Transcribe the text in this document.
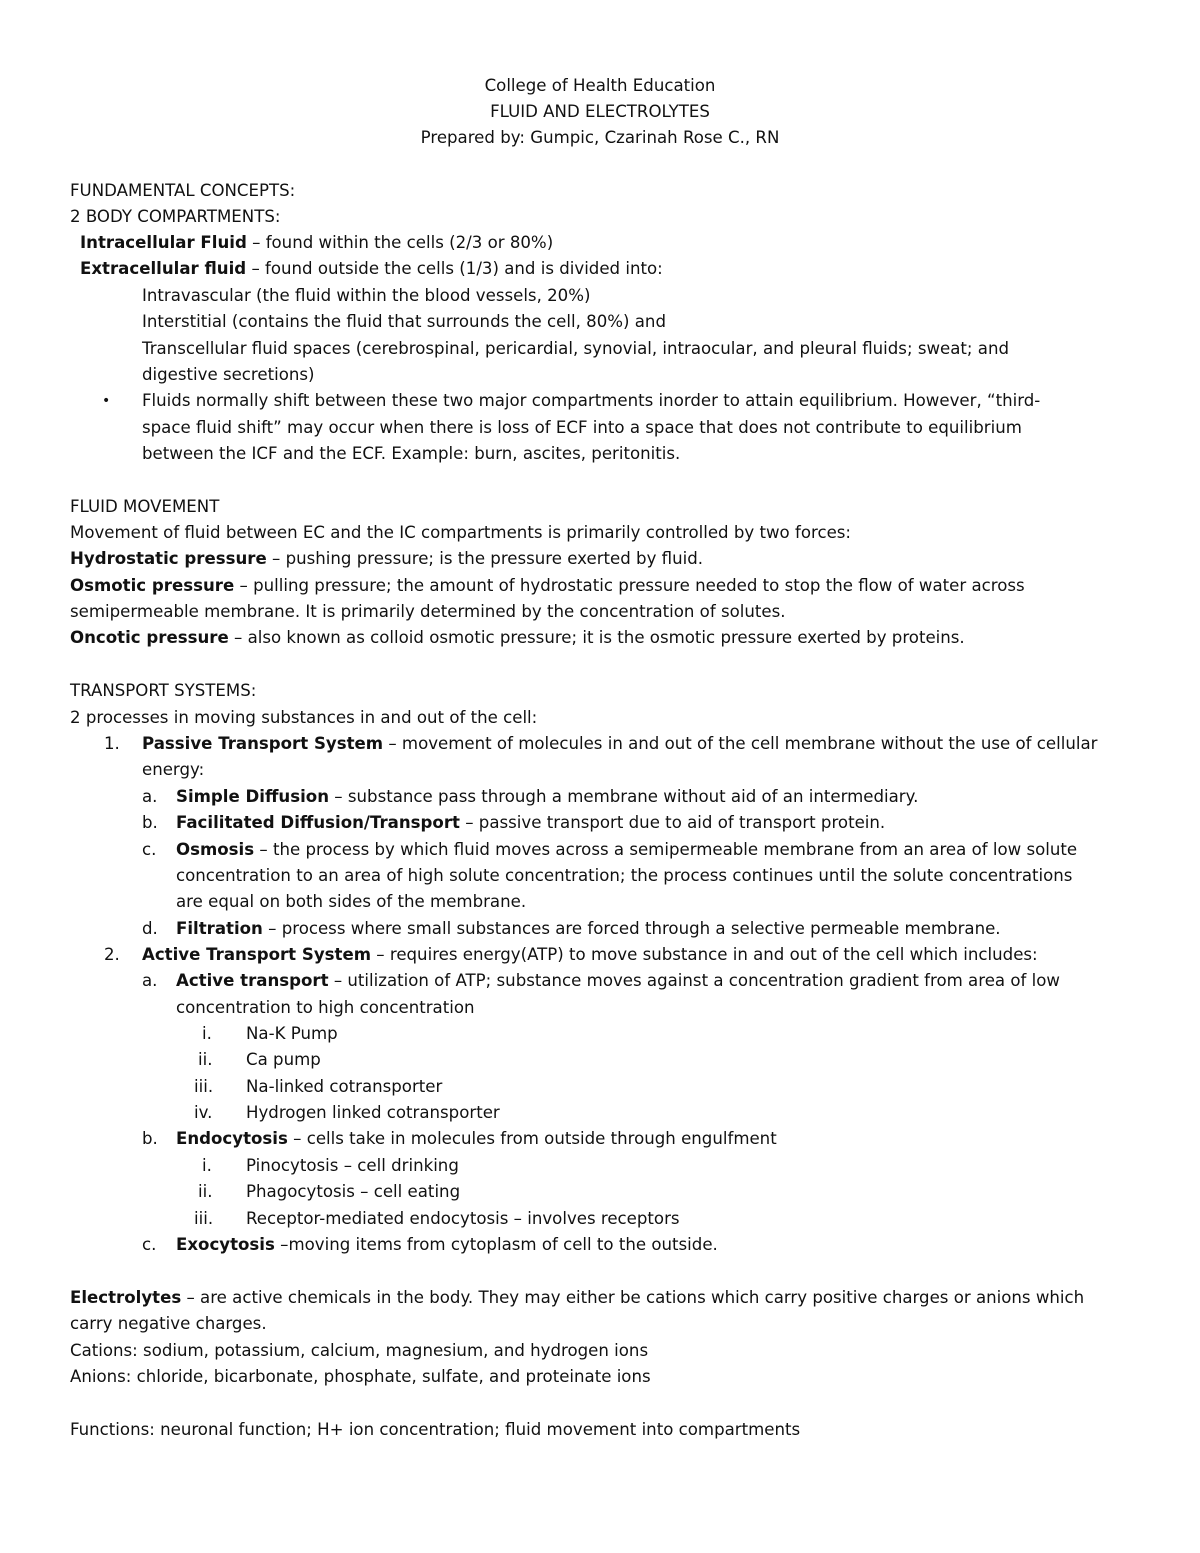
College of Health Education
FLUID AND ELECTROLYTES
Prepared by: Gumpic, Czarinah Rose C., RN
FUNDAMENTAL CONCEPTS:
2 BODY COMPARTMENTS:
Intracellular Fluid – found within the cells (2/3 or 80%)
Extracellular fluid – found outside the cells (1/3) and is divided into:
Intravascular (the fluid within the blood vessels, 20%)
Interstitial (contains the fluid that surrounds the cell, 80%) and
Transcellular fluid spaces (cerebrospinal, pericardial, synovial, intraocular, and pleural fluids; sweat; and
digestive secretions)
• Fluids normally shift between these two major compartments inorder to attain equilibrium. However, “third-
space fluid shift” may occur when there is loss of ECF into a space that does not contribute to equilibrium
between the ICF and the ECF. Example: burn, ascites, peritonitis.
FLUID MOVEMENT
Movement of fluid between EC and the IC compartments is primarily controlled by two forces:
Hydrostatic pressure – pushing pressure; is the pressure exerted by fluid.
Osmotic pressure – pulling pressure; the amount of hydrostatic pressure needed to stop the flow of water across
semipermeable membrane. It is primarily determined by the concentration of solutes.
Oncotic pressure – also known as colloid osmotic pressure; it is the osmotic pressure exerted by proteins.
TRANSPORT SYSTEMS:
2 processes in moving substances in and out of the cell:
1. Passive Transport System – movement of molecules in and out of the cell membrane without the use of cellular
energy:
a. Simple Diffusion – substance pass through a membrane without aid of an intermediary.
b. Facilitated Diffusion/Transport – passive transport due to aid of transport protein.
c. Osmosis – the process by which fluid moves across a semipermeable membrane from an area of low solute
concentration to an area of high solute concentration; the process continues until the solute concentrations
are equal on both sides of the membrane.
d. Filtration – process where small substances are forced through a selective permeable membrane.
2. Active Transport System – requires energy(ATP) to move substance in and out of the cell which includes:
a. Active transport – utilization of ATP; substance moves against a concentration gradient from area of low
concentration to high concentration
i. Na-K Pump
ii. Ca pump
iii. Na-linked cotransporter
iv. Hydrogen linked cotransporter
b. Endocytosis – cells take in molecules from outside through engulfment
i. Pinocytosis – cell drinking
ii. Phagocytosis – cell eating
iii. Receptor-mediated endocytosis – involves receptors
c. Exocytosis –moving items from cytoplasm of cell to the outside.
Electrolytes – are active chemicals in the body. They may either be cations which carry positive charges or anions which
carry negative charges.
Cations: sodium, potassium, calcium, magnesium, and hydrogen ions
Anions: chloride, bicarbonate, phosphate, sulfate, and proteinate ions
Functions: neuronal function; H+ ion concentration; fluid movement into compartments
